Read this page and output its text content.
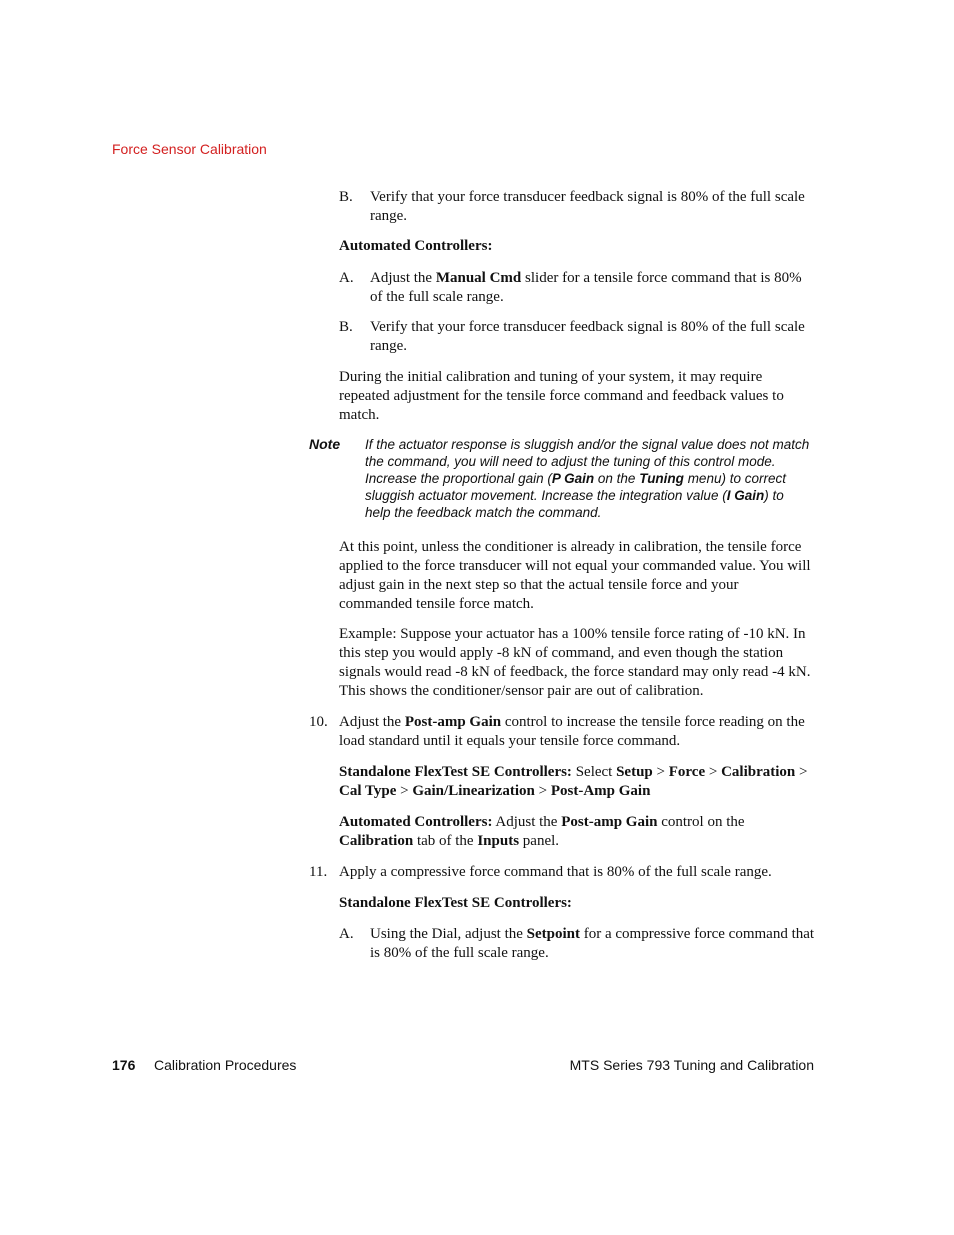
Force Sensor Calibration
B. Verify that your force transducer feedback signal is 80% of the full scale range.

Automated Controllers:

A. Adjust the Manual Cmd slider for a tensile force command that is 80% of the full scale range.
B. Verify that your force transducer feedback signal is 80% of the full scale range.

During the initial calibration and tuning of your system, it may require repeated adjustment for the tensile force command and feedback values to match.

Note If the actuator response is sluggish and/or the signal value does not match the command, you will need to adjust the tuning of this control mode. Increase the proportional gain (P Gain on the Tuning menu) to correct sluggish actuator movement. Increase the integration value (I Gain) to help the feedback match the command.

At this point, unless the conditioner is already in calibration, the tensile force applied to the force transducer will not equal your commanded value. You will adjust gain in the next step so that the actual tensile force and your commanded tensile force match.

Example: Suppose your actuator has a 100% tensile force rating of -10 kN. In this step you would apply -8 kN of command, and even though the station signals would read -8 kN of feedback, the force standard may only read -4 kN. This shows the conditioner/sensor pair are out of calibration.

10. Adjust the Post-amp Gain control to increase the tensile force reading on the load standard until it equals your tensile force command.

Standalone FlexTest SE Controllers: Select Setup > Force > Calibration > Cal Type > Gain/Linearization > Post-Amp Gain

Automated Controllers: Adjust the Post-amp Gain control on the Calibration tab of the Inputs panel.

11. Apply a compressive force command that is 80% of the full scale range.

Standalone FlexTest SE Controllers:

A. Using the Dial, adjust the Setpoint for a compressive force command that is 80% of the full scale range.
176 Calibration Procedures	MTS Series 793 Tuning and Calibration
